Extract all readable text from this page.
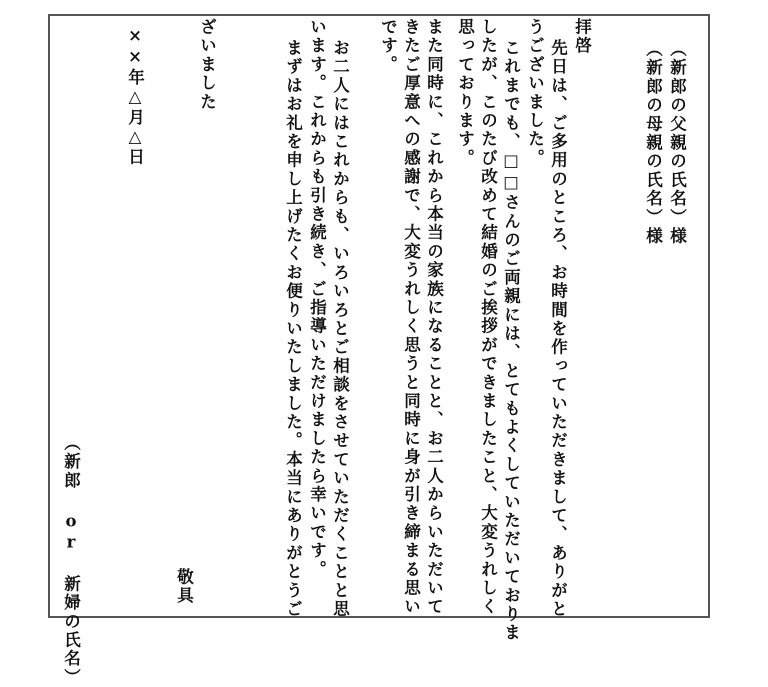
（新郎の父親の氏名）様
（新郎の母親の氏名）様
拝啓
先日は、ご多用のところ、お時間を作っていただきまして、ありがと
うございました。
これまでも、□□さんのご両親には、とてもよくしていただいておりま
したが、このたび改めて結婚のご挨拶ができましたこと、大変うれしく
思っております。
また同時に、これから本当の家族になることと、お二人からいただいて
きたご厚意への感謝で、大変うれしく思うと同時に身が引き締まる思い
です。
お二人にはこれからも、いろいろとご相談をさせていただくことと思
います。これからも引き続き、ご指導いただけましたら幸いです。
まずはお礼を申し上げたくお便りいたしました。本当にありがとうご
ざいました
敬具
××年△月△日
（新郎 or 新婦の氏名）
